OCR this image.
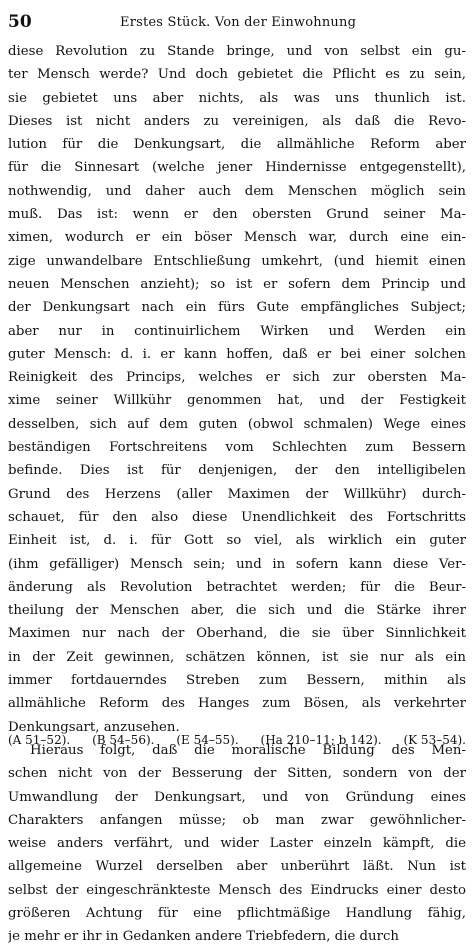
50	Erstes Stück. Von der Einwohnung
diese Revolution zu Stande bringe, und von selbst ein gu-
ter Mensch werde? Und doch gebietet die Pflicht es zu sein,
sie gebietet uns aber nichts, als was uns thunlich ist.
Dieses ist nicht anders zu vereinigen, als daß die Revo-
lution für die Denkungsart, die allmähliche Reform aber
für die Sinnesart (welche jener Hindernisse entgegenstellt),
nothwendig, und daher auch dem Menschen möglich sein
muß. Das ist: wenn er den obersten Grund seiner Ma-
ximen, wodurch er ein böser Mensch war, durch eine ein-
zige unwandelbare Entschließung umkehrt, (und hiemit einen
neuen Menschen anzieht); so ist er sofern dem Princip und
der Denkungsart nach ein fürs Gute empfängliches Subject;
aber nur in continuirlichem Wirken und Werden ein
guter Mensch: d. i. er kann hoffen, daß er bei einer solchen
Reinigkeit des Princips, welches er sich zur obersten Ma-
xime seiner Willkühr genommen hat, und der Festigkeit
desselben, sich auf dem guten (obwol schmalen) Wege eines
beständigen Fortschreitens vom Schlechten zum Bessern
befinde. Dies ist für denjenigen, der den intelligibelen
Grund des Herzens (aller Maximen der Willkühr) durch-
schauet, für den also diese Unendlichkeit des Fortschritts
Einheit ist, d. i. für Gott so viel, als wirklich ein guter
(ihm gefälliger) Mensch sein; und in sofern kann diese Ver-
änderung als Revolution betrachtet werden; für die Beur-
theilung der Menschen aber, die sich und die Stärke ihrer
Maximen nur nach der Oberhand, die sie über Sinnlichkeit
in der Zeit gewinnen, schätzen können, ist sie nur als ein
immer fortdauerndes Streben zum Bessern, mithin als
allmähliche Reform des Hanges zum Bösen, als verkehrter
Denkungsart, anzusehen.
Hieraus folgt, daß die moralische Bildung des Men-
schen nicht von der Besserung der Sitten, sondern von der
Umwandlung der Denkungsart, und von Gründung eines
Charakters anfangen müsse; ob man zwar gewöhnlicher-
weise anders verfährt, und wider Laster einzeln kämpft, die
allgemeine Wurzel derselben aber unberührt läßt. Nun ist
selbst der eingeschränkteste Mensch des Eindrucks einer desto
größeren Achtung für eine pflichtmäßige Handlung fähig,
je mehr er ihr in Gedanken andere Triebfedern, die durch
(A 51–52). (B 54–56). (E 54–55). (Ha 210–11; b 142). (K 53–54).
